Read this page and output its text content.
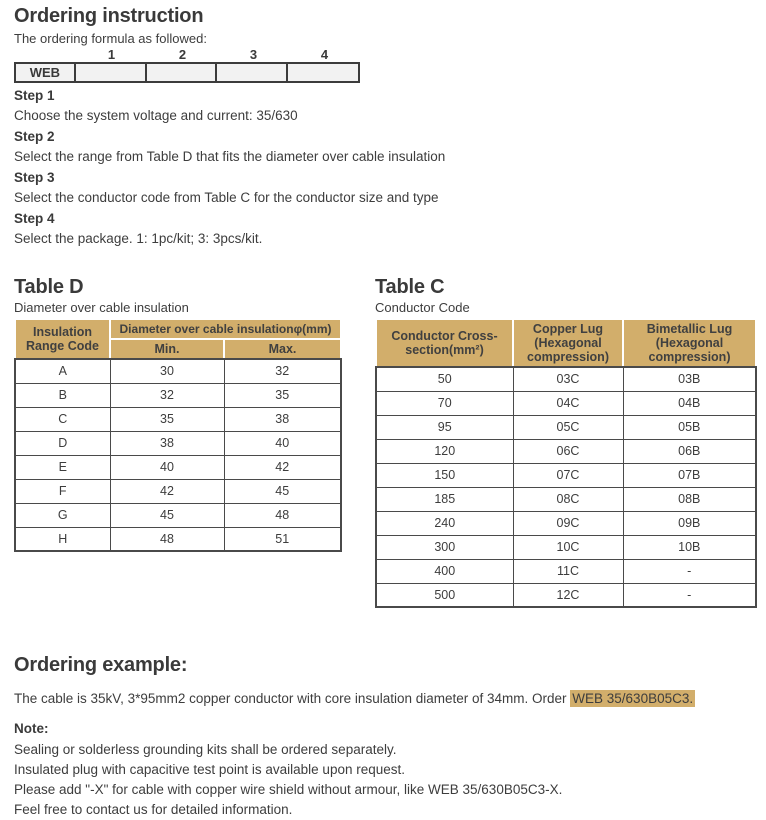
Ordering instruction

The ordering formula as followed:

1	2	3	4
WEB
Step 1
Choose the system voltage and current: 35/630
Step 2
Select the range from Table D that fits the diameter over cable insulation
Step 3
Select the conductor code from Table C for the conductor size and type
Step 4
Select the package. 1: 1pc/kit; 3: 3pcs/kit.
Table D
Diameter over cable insulation
Insulation Range Code	Diameter over cable insulationφ(mm)	
	Min.	Max.
A	30	32
B	32	35
C	35	38
D	38	40
E	40	42
F	42	45
G	45	48
H	48	51
Table C
Conductor Code
Conductor Cross-section(mm²)	Copper Lug (Hexagonal compression)	Bimetallic Lug (Hexagonal compression)
50	03C	03B
70	04C	04B
95	05C	05B
120	06C	06B
150	07C	07B
185	08C	08B
240	09C	09B
300	10C	10B
400	11C	-
500	12C	-
Ordering example:

The cable is 35kV, 3*95mm2 copper conductor with core insulation diameter of 34mm. Order WEB 35/630B05C3.

Note:
Sealing or solderless grounding kits shall be ordered separately.
Insulated plug with capacitive test point is available upon request.
Please add "-X" for cable with copper wire shield without armour, like WEB 35/630B05C3-X.
Feel free to contact us for detailed information.
